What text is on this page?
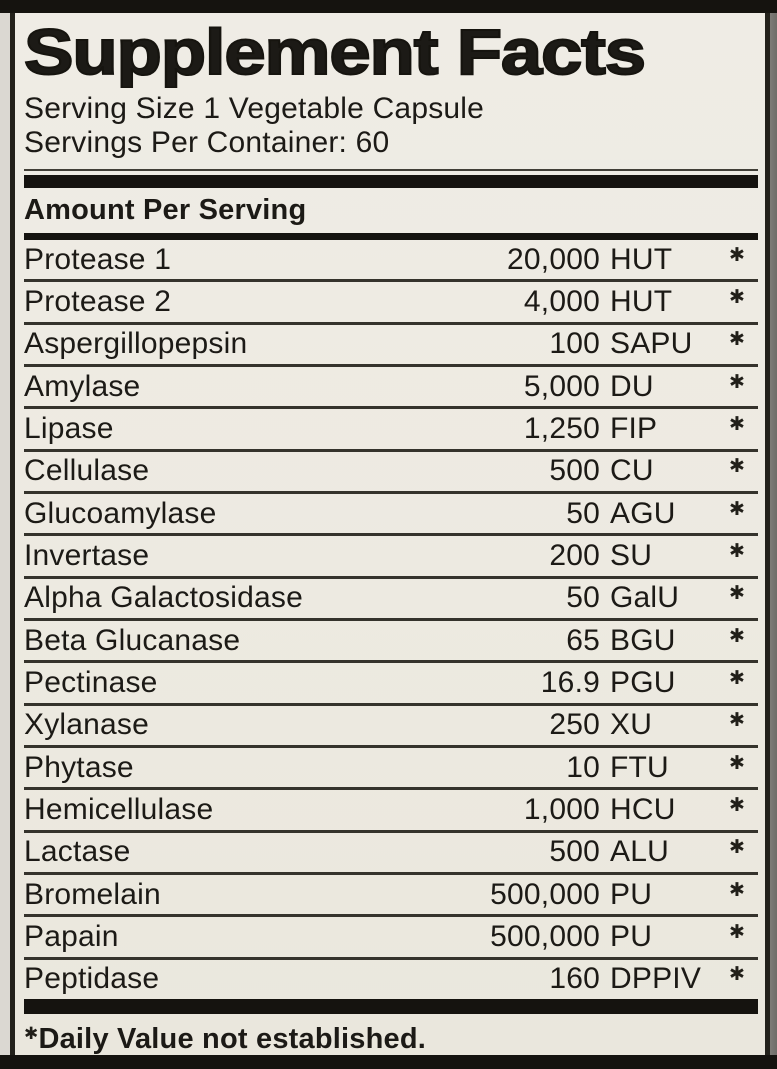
Supplement Facts
Serving Size 1 Vegetable Capsule
Servings Per Container: 60
Amount Per Serving
Protease 1	20,000 HUT	✱
Protease 2	4,000 HUT	✱
Aspergillopepsin	100 SAPU	✱
Amylase	5,000 DU	✱
Lipase	1,250 FIP	✱
Cellulase	500 CU	✱
Glucoamylase	50 AGU	✱
Invertase	200 SU	✱
Alpha Galactosidase	50 GalU	✱
Beta Glucanase	65 BGU	✱
Pectinase	16.9 PGU	✱
Xylanase	250 XU	✱
Phytase	10 FTU	✱
Hemicellulase	1,000 HCU	✱
Lactase	500 ALU	✱
Bromelain	500,000 PU	✱
Papain	500,000 PU	✱
Peptidase	160 DPPIV	✱
✱Daily Value not established.
